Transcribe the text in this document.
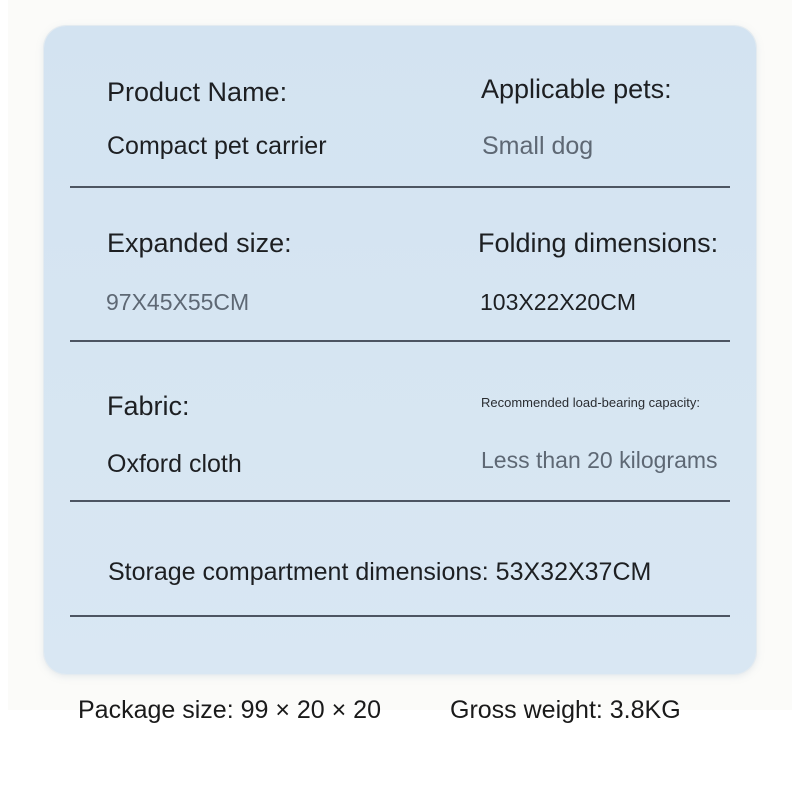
Product Name:
Compact pet carrier
Applicable pets:
Small dog
Expanded size:
97X45X55CM
Folding dimensions:
103X22X20CM
Fabric:
Oxford cloth
Recommended load-bearing capacity:
Less than 20 kilograms
Storage compartment dimensions: 53X32X37CM
Package size: 99 × 20 × 20	Gross weight: 3.8KG
